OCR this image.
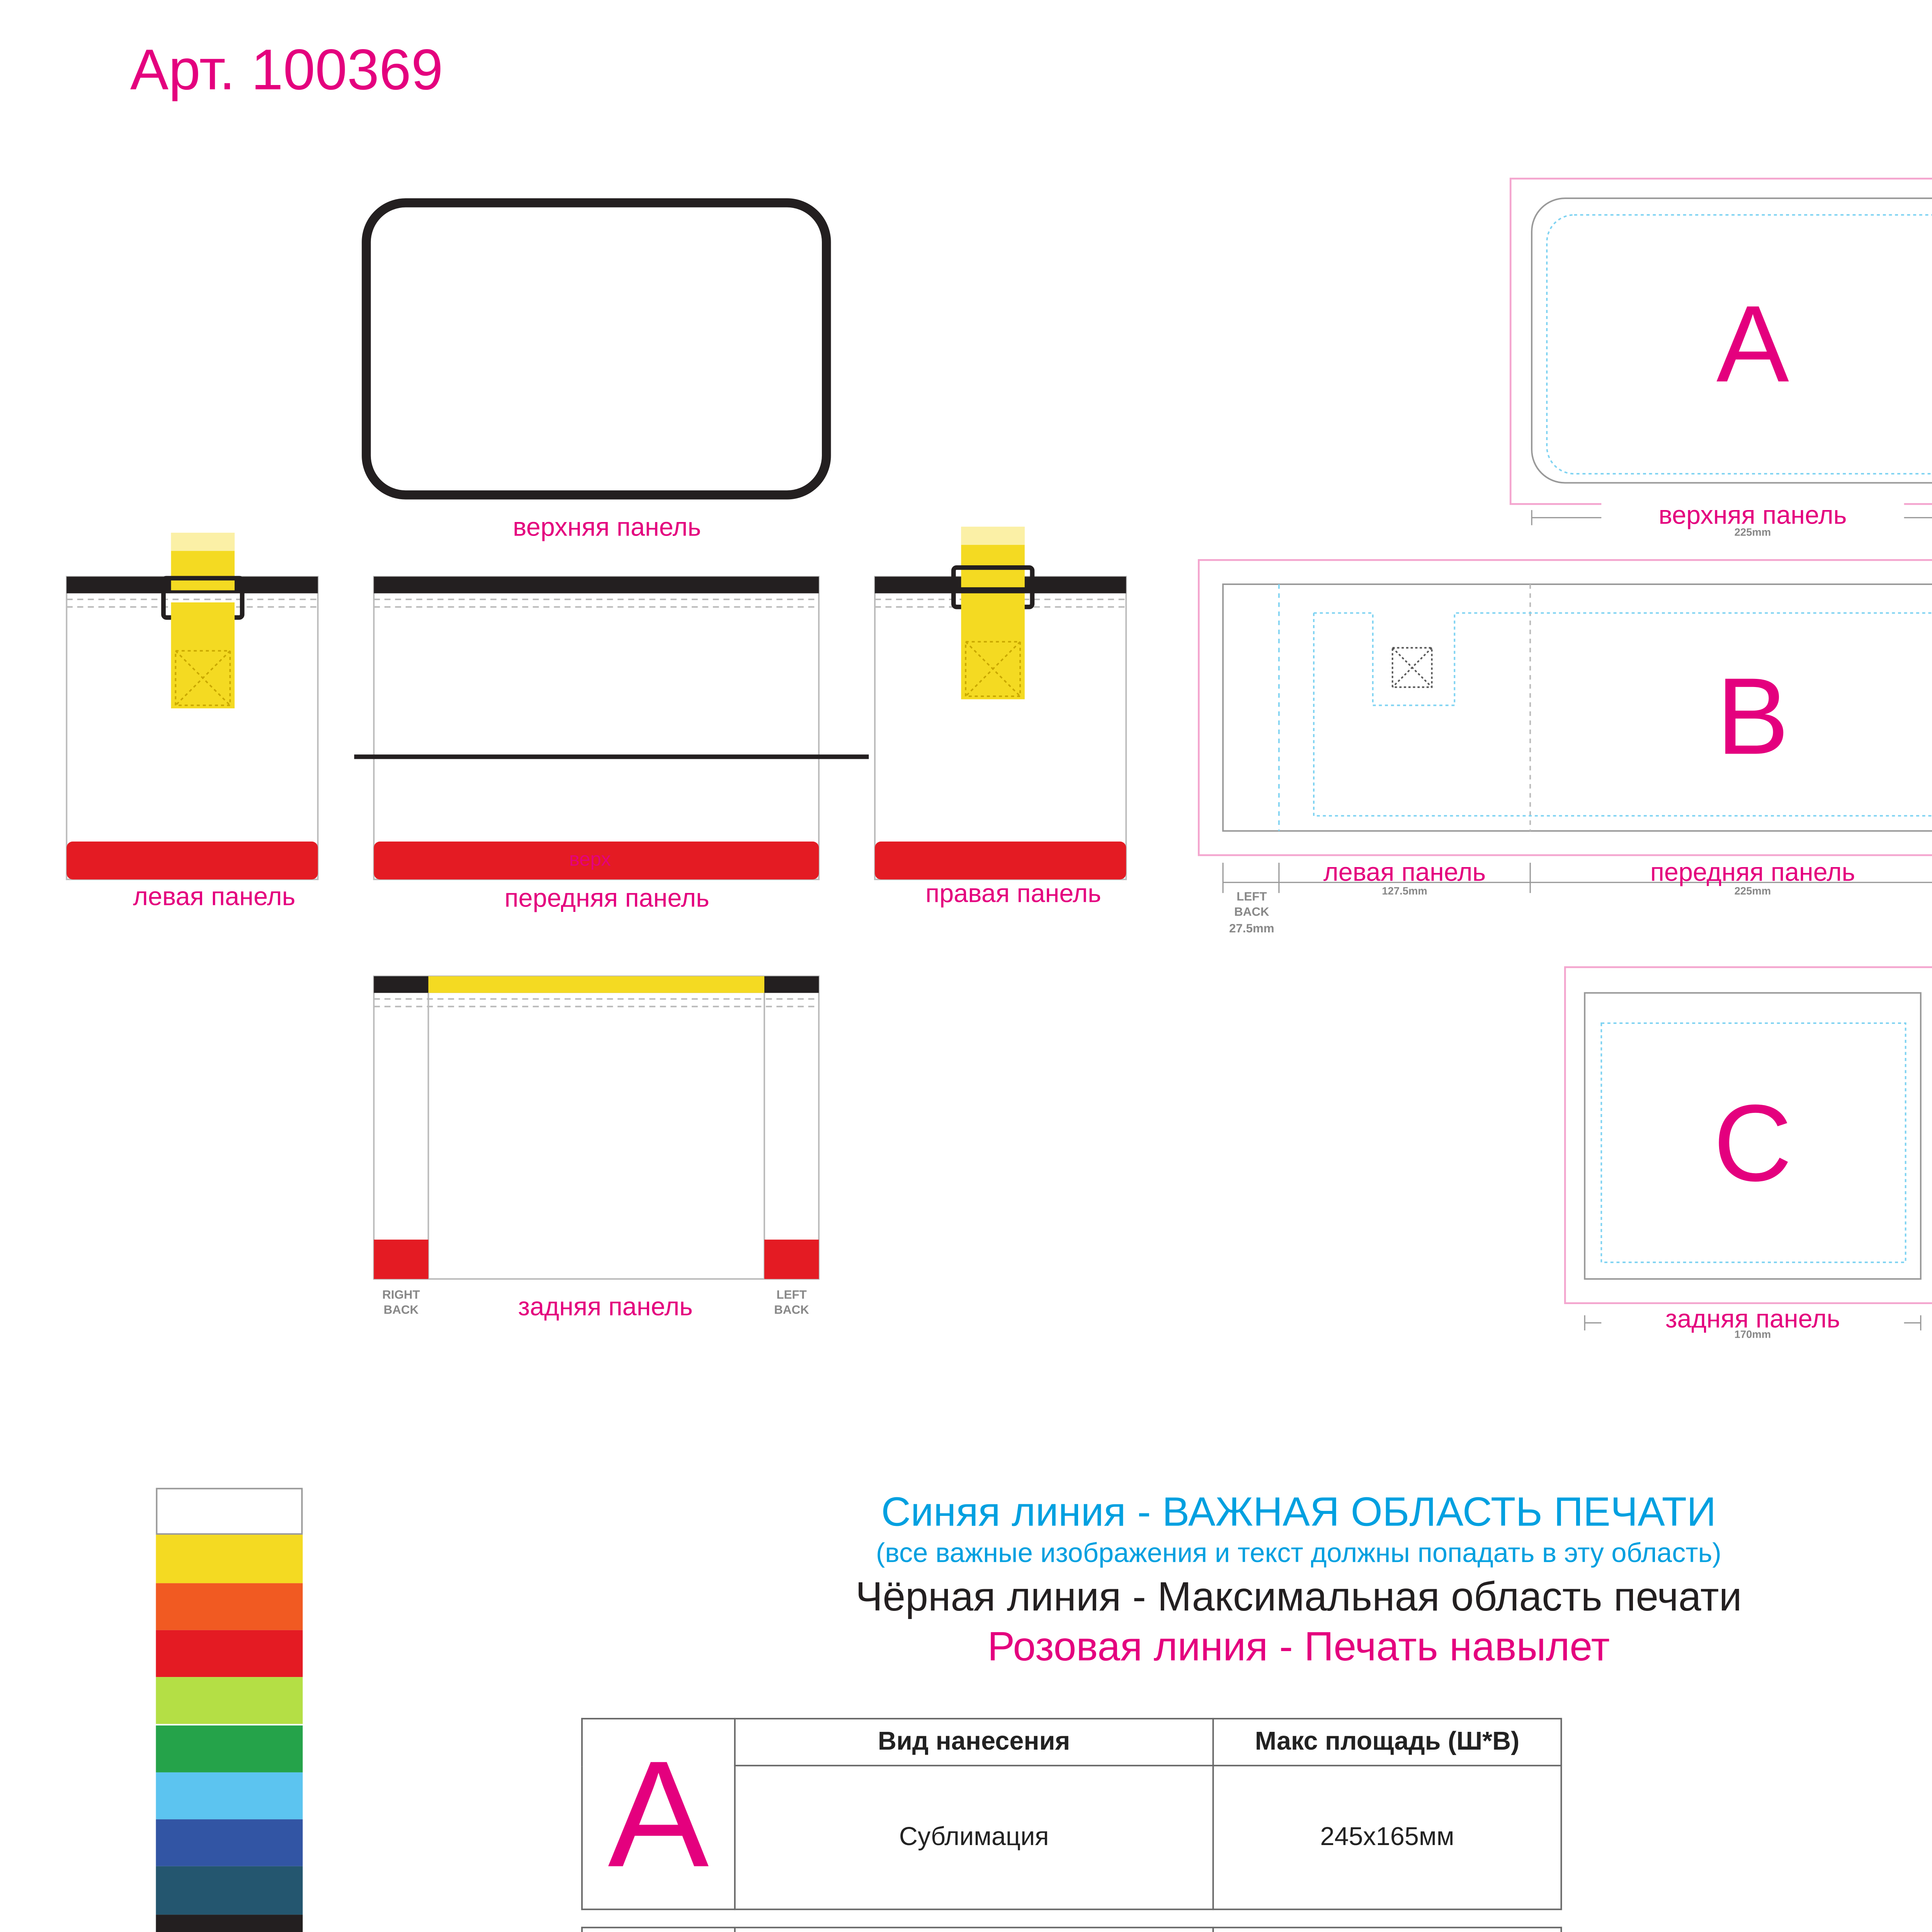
Арт. 100369
верхняя панель
левая панель
верх
передняя панель	правая панель
задняя панель
RIGHT BACK
LEFT BACK
A
верхняя панель
225mm
B
левая панель
127.5mm
передняя панель
225mm
LEFT BACK
27.5mm
C
задняя панель
170mm
Синяя линия - ВАЖНАЯ ОБЛАСТЬ ПЕЧАТИ
(все важные изображения и текст должны попадать в эту область)
Чёрная линия - Максимальная область печати
Розовая линия - Печать навылет
A	Вид нанесения	Макс площадь (Ш*В)
	Сублимация	245x165мм
